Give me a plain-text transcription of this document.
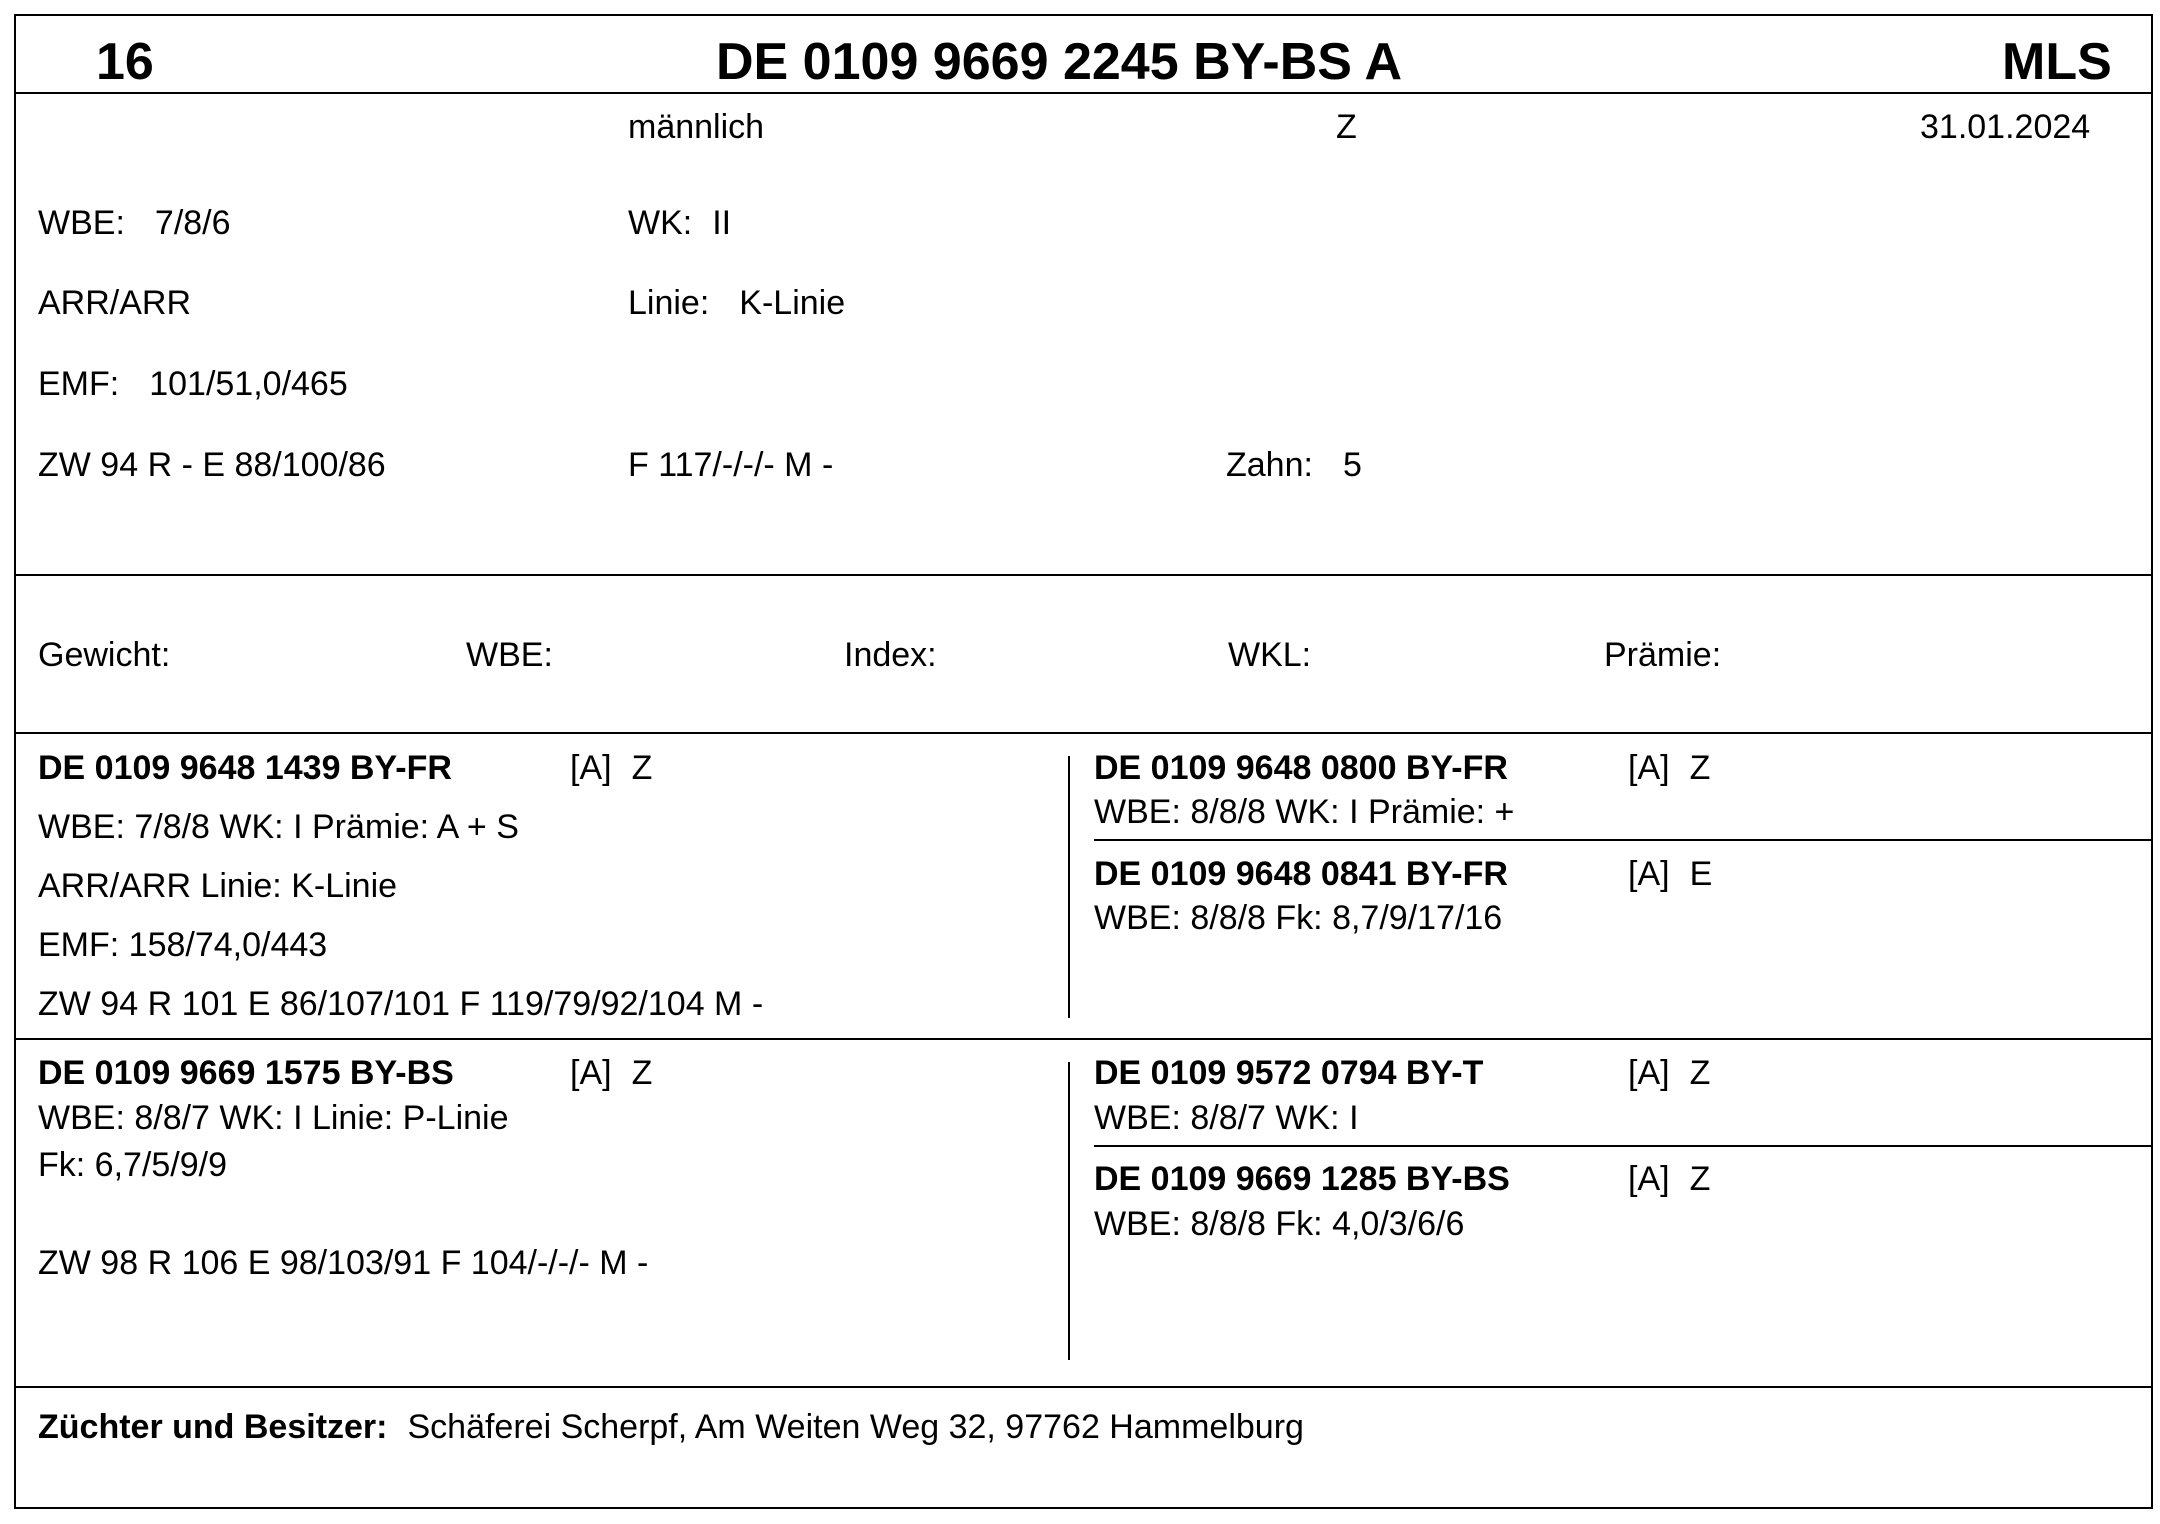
16	DE 0109 9669 2245 BY-BS A	MLS
männlich	Z	31.01.2024
WBE: 7/8/6	WK: II
ARR/ARR	Linie: K-Linie
EMF: 101/51,0/465
ZW 94 R - E 88/100/86	F 117/-/-/- M -	Zahn: 5
Gewicht:	WBE:	Index:	WKL:	Prämie:
DE 0109 9648 1439 BY-FR	[A] Z
WBE: 7/8/8 WK: I Prämie: A + S
ARR/ARR Linie: K-Linie
EMF: 158/74,0/443
ZW 94 R 101 E 86/107/101 F 119/79/92/104 M -
DE 0109 9648 0800 BY-FR	[A] Z
WBE: 8/8/8 WK: I Prämie: +
DE 0109 9648 0841 BY-FR	[A] E
WBE: 8/8/8 Fk: 8,7/9/17/16
DE 0109 9669 1575 BY-BS	[A] Z
WBE: 8/8/7 WK: I Linie: P-Linie
Fk: 6,7/5/9/9
ZW 98 R 106 E 98/103/91 F 104/-/-/- M -
DE 0109 9572 0794 BY-T	[A] Z
WBE: 8/8/7 WK: I
DE 0109 9669 1285 BY-BS	[A] Z
WBE: 8/8/8 Fk: 4,0/3/6/6
Züchter und Besitzer: Schäferei Scherpf, Am Weiten Weg 32, 97762 Hammelburg
